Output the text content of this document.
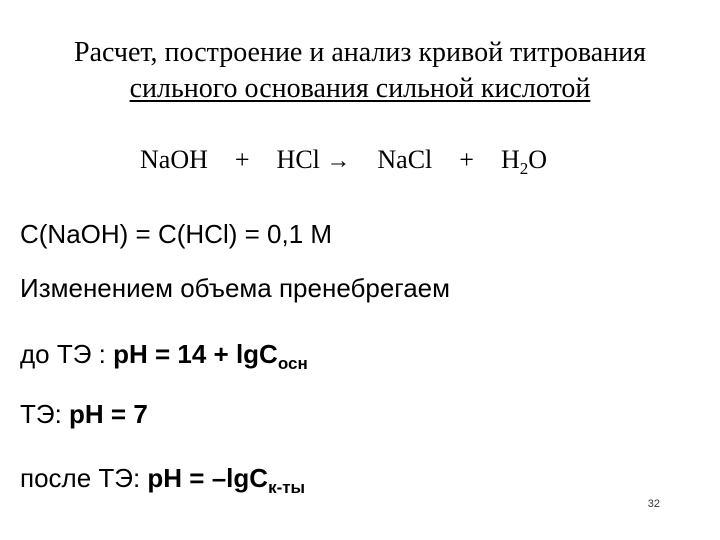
Расчет, построение и анализ кривой титрования
сильного основания сильной кислотой
NaOH + HCl → NaCl + $H_2O$
C(NaOH) = C(HCl) = 0,1 M
Изменением объема пренебрегаем
до ТЭ : pH = 14 + lgC$_{осн}$
ТЭ: pH = 7
после ТЭ: pH = –lgC$_{к-ты}$
32
